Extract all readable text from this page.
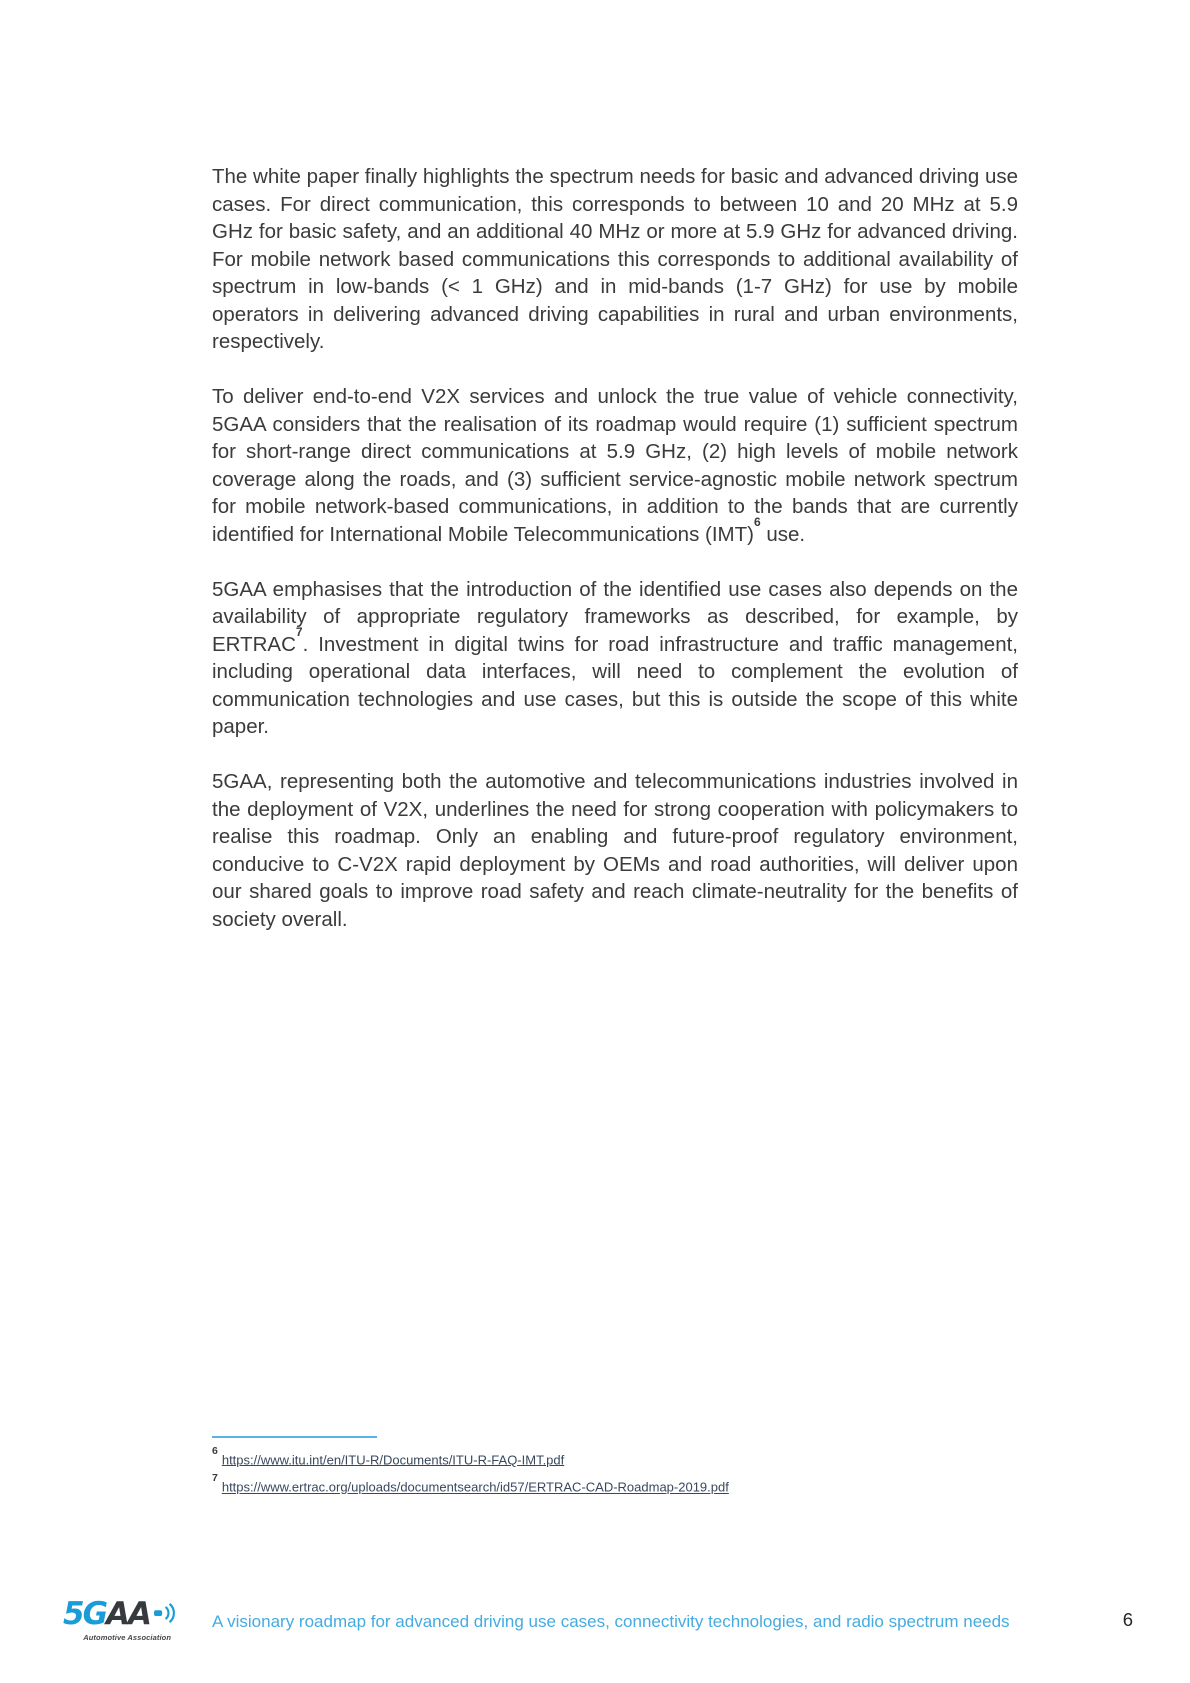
The white paper finally highlights the spectrum needs for basic and advanced driving use cases. For direct communication, this corresponds to between 10 and 20 MHz at 5.9 GHz for basic safety, and an additional 40 MHz or more at 5.9 GHz for advanced driving. For mobile network based communications this corresponds to additional availability of spectrum in low-bands (< 1 GHz) and in mid-bands (1-7 GHz) for use by mobile operators in delivering advanced driving capabilities in rural and urban environments, respectively.

To deliver end-to-end V2X services and unlock the true value of vehicle connectivity, 5GAA considers that the realisation of its roadmap would require (1) sufficient spectrum for short-range direct communications at 5.9 GHz, (2) high levels of mobile network coverage along the roads, and (3) sufficient service-agnostic mobile network spectrum for mobile network-based communications, in addition to the bands that are currently identified for International Mobile Telecommunications (IMT)$^6$ use.

5GAA emphasises that the introduction of the identified use cases also depends on the availability of appropriate regulatory frameworks as described, for example, by ERTRAC$^7$. Investment in digital twins for road infrastructure and traffic management, including operational data interfaces, will need to complement the evolution of communication technologies and use cases, but this is outside the scope of this white paper.

5GAA, representing both the automotive and telecommunications industries involved in the deployment of V2X, underlines the need for strong cooperation with policymakers to realise this roadmap. Only an enabling and future-proof regulatory environment, conducive to C-V2X rapid deployment by OEMs and road authorities, will deliver upon our shared goals to improve road safety and reach climate-neutrality for the benefits of society overall.

$^6$https://www.itu.int/en/ITU-R/Documents/ITU-R-FAQ-IMT.pdf
$^7$https://www.ertrac.org/uploads/documentsearch/id57/ERTRAC-CAD-Roadmap-2019.pdf
5G AA
Automotive Association
A visionary roadmap for advanced driving use cases, connectivity technologies, and radio spectrum needs	6
